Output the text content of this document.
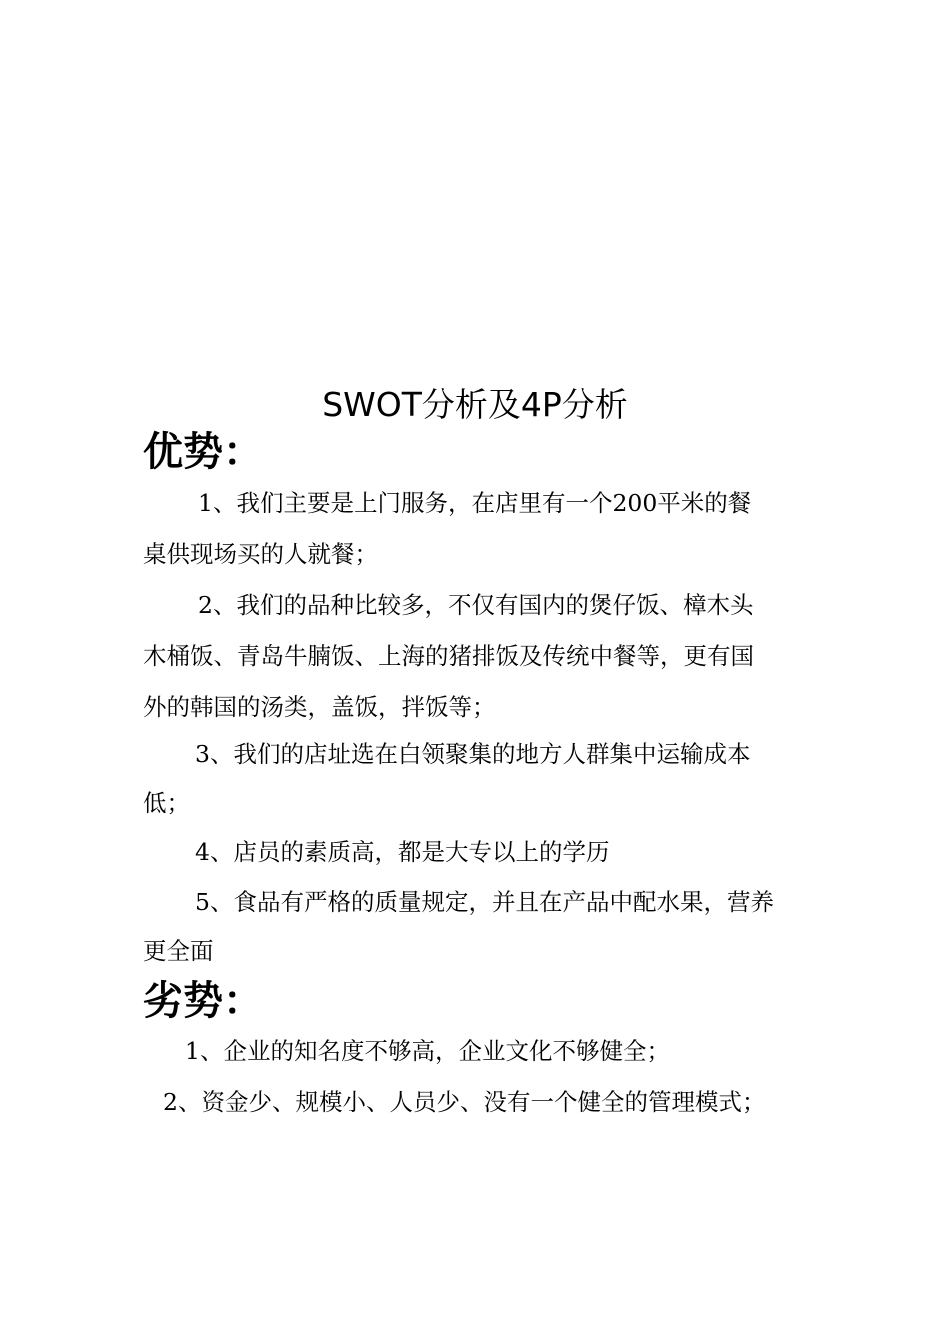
SWOT分析及4P分析
优势：
1、我们主要是上门服务，在店里有一个200平米的餐
桌供现场买的人就餐；
2、我们的品种比较多，不仅有国内的煲仔饭、樟木头
木桶饭、青岛牛腩饭、上海的猪排饭及传统中餐等，更有国
外的韩国的汤类，盖饭，拌饭等；
3、我们的店址选在白领聚集的地方人群集中运输成本
低；
4、店员的素质高，都是大专以上的学历
5、食品有严格的质量规定，并且在产品中配水果，营养
更全面
劣势：
1、企业的知名度不够高，企业文化不够健全；
2、资金少、规模小、人员少、没有一个健全的管理模式；
